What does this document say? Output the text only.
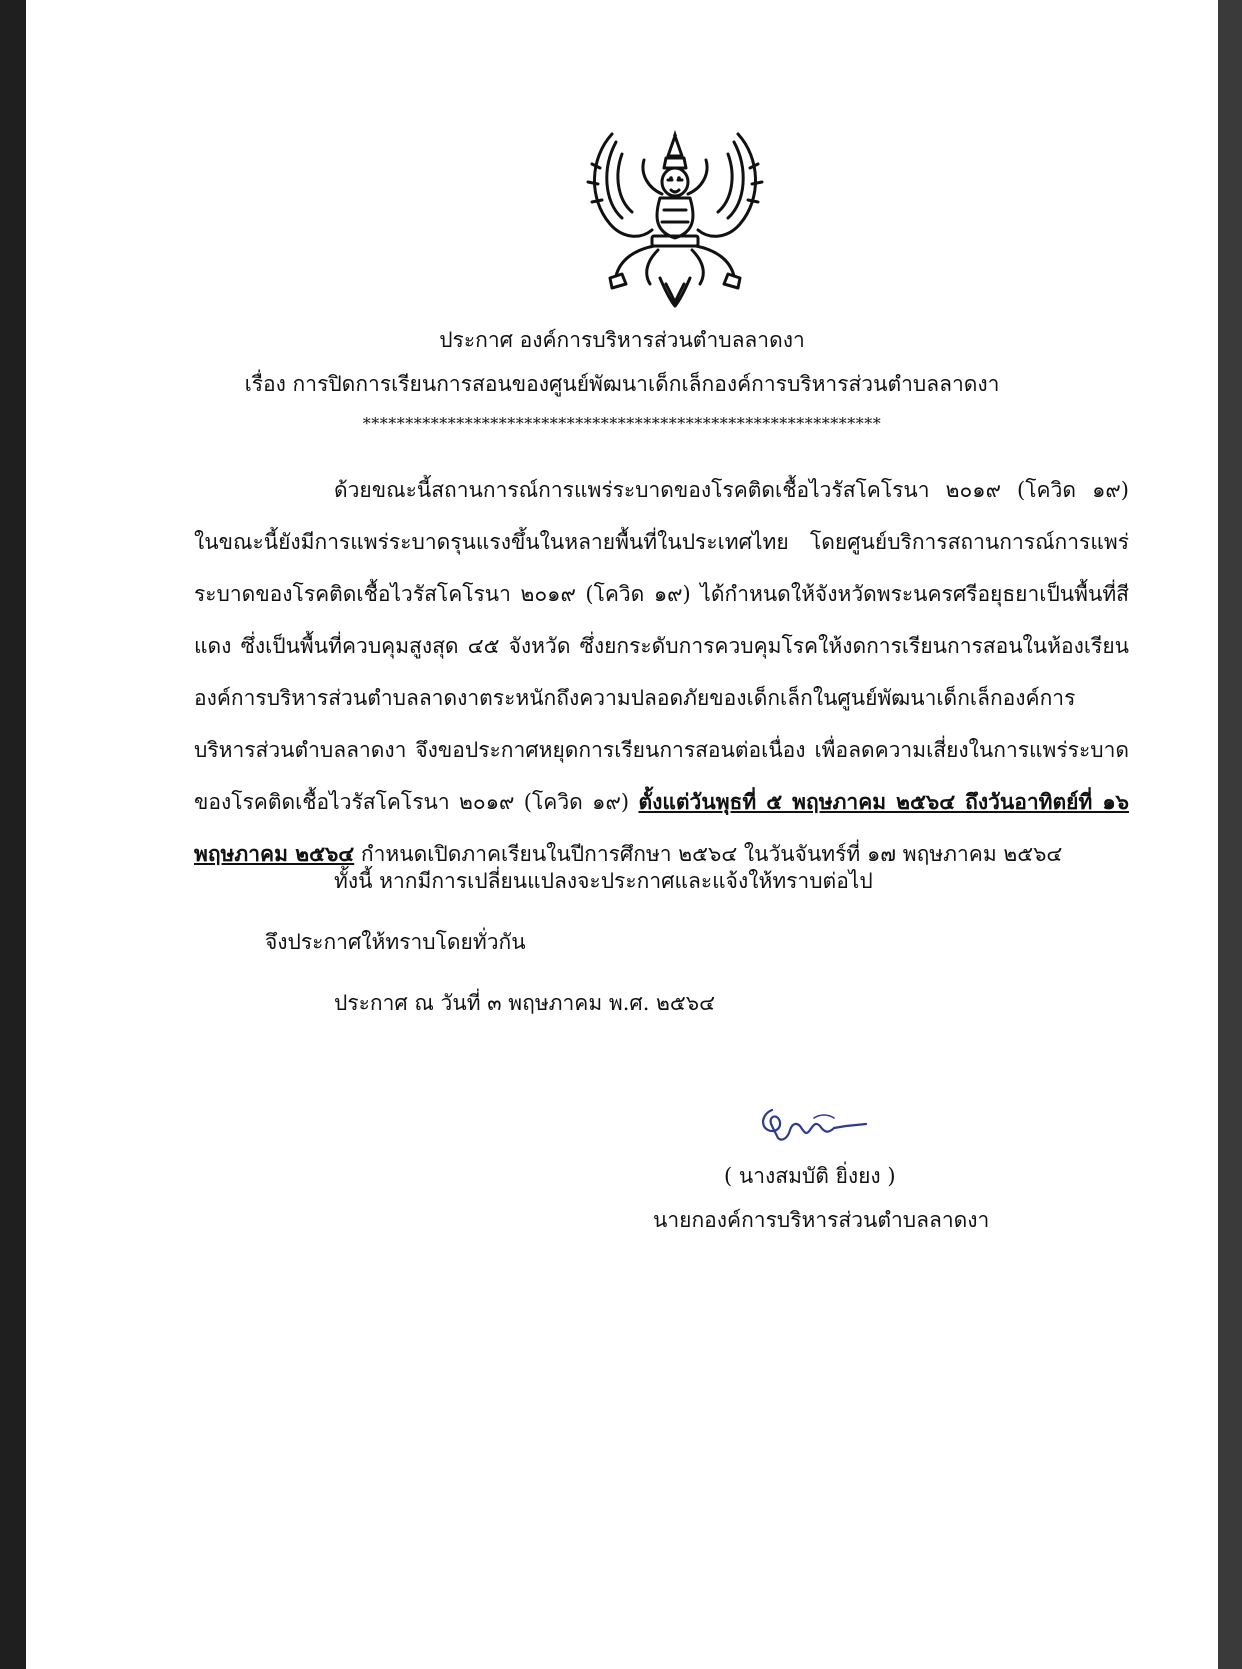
ประกาศ องค์การบริหารส่วนตำบลลาดงา
เรื่อง การปิดการเรียนการสอนของศูนย์พัฒนาเด็กเล็กองค์การบริหารส่วนตำบลลาดงา
*************************************************************

ด้วยขณะนี้สถานการณ์การแพร่ระบาดของโรคติดเชื้อไวรัสโคโรนา ๒๐๑๙ (โควิด ๑๙) ในขณะนี้ยังมีการแพร่ระบาดรุนแรงขึ้นในหลายพื้นที่ในประเทศไทย โดยศูนย์บริการสถานการณ์การแพร่ระบาดของโรคติดเชื้อไวรัสโคโรนา ๒๐๑๙ (โควิด ๑๙) ได้กำหนดให้จังหวัดพระนครศรีอยุธยาเป็นพื้นที่สีแดง ซึ่งเป็นพื้นที่ควบคุมสูงสุด ๔๕ จังหวัด ซึ่งยกระดับการควบคุมโรคให้งดการเรียนการสอนในห้องเรียน องค์การบริหารส่วนตำบลลาดงาตระหนักถึงความปลอดภัยของเด็กเล็กในศูนย์พัฒนาเด็กเล็กองค์การบริหารส่วนตำบลลาดงา จึงขอประกาศหยุดการเรียนการสอนต่อเนื่อง เพื่อลดความเสี่ยงในการแพร่ระบาดของโรคติดเชื้อไวรัสโคโรนา ๒๐๑๙ (โควิด ๑๙) ตั้งแต่วันพุธที่ ๕ พฤษภาคม ๒๕๖๔ ถึงวันอาทิตย์ที่ ๑๖ พฤษภาคม ๒๕๖๔ กำหนดเปิดภาคเรียนในปีการศึกษา ๒๕๖๔ ในวันจันทร์ที่ ๑๗ พฤษภาคม ๒๕๖๔

ทั้งนี้ หากมีการเปลี่ยนแปลงจะประกาศและแจ้งให้ทราบต่อไป
จึงประกาศให้ทราบโดยทั่วกัน
ประกาศ ณ วันที่ ๓ พฤษภาคม พ.ศ. ๒๕๖๔
( นางสมบัติ ยิ่งยง )
นายกองค์การบริหารส่วนตำบลลาดงา
